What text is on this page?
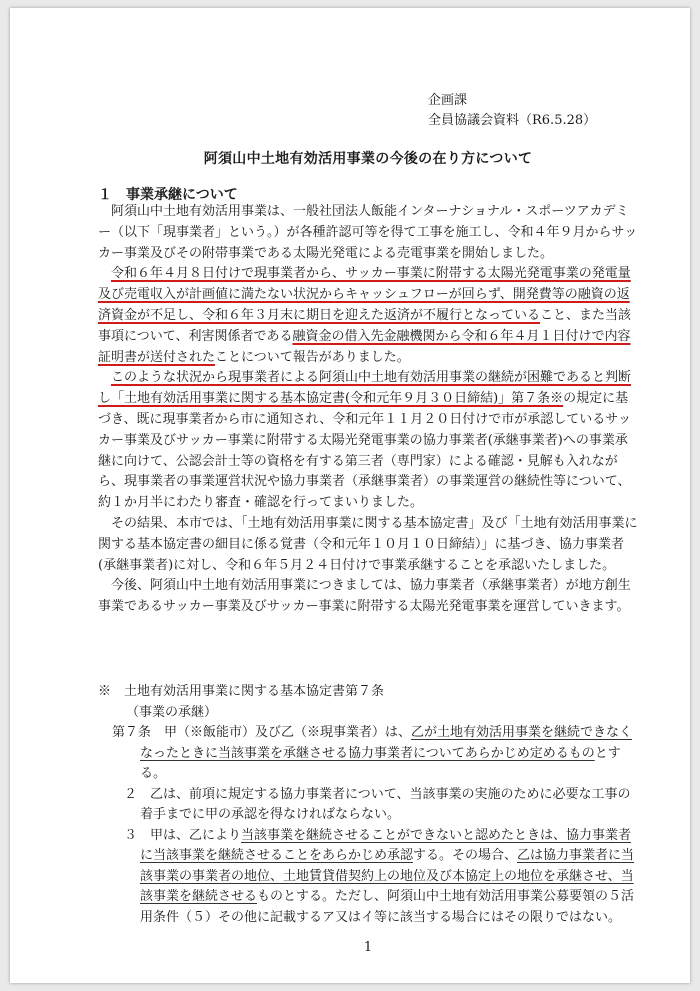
企画課
全員協議会資料（R6.5.28）
阿須山中土地有効活用事業の今後の在り方について
１　事業承継について

阿須山中土地有効活用事業は、一般社団法人飯能インターナショナル・スポーツアカデミー（以下「現事業者」という。）が各種許認可等を得て工事を施工し、令和４年９月からサッカー事業及びその附帯事業である太陽光発電による売電事業を開始しました。

令和６年４月８日付けで現事業者から、サッカー事業に附帯する太陽光発電事業の発電量及び売電収入が計画値に満たない状況からキャッシュフローが回らず、開発費等の融資の返済資金が不足し、令和６年３月末に期日を迎えた返済が不履行となっていること、また当該事項について、利害関係者である融資金の借入先金融機関から令和６年４月１日付けで内容証明書が送付されたことについて報告がありました。

このような状況から現事業者による阿須山中土地有効活用事業の継続が困難であると判断し「土地有効活用事業に関する基本協定書(令和元年９月３０日締結)」第７条※の規定に基づき、既に現事業者から市に通知され、令和元年１１月２０日付けで市が承認しているサッカー事業及びサッカー事業に附帯する太陽光発電事業の協力事業者(承継事業者)への事業承継に向けて、公認会計士等の資格を有する第三者（専門家）による確認・見解も入れながら、現事業者の事業運営状況や協力事業者（承継事業者）の事業運営の継続性等について、約１か月半にわたり審査・確認を行ってまいりました。

その結果、本市では、「土地有効活用事業に関する基本協定書」及び「土地有効活用事業に関する基本協定書の細目に係る覚書（令和元年１０月１０日締結）」に基づき、協力事業者(承継事業者)に対し、令和６年５月２４日付けで事業承継することを承認いたしました。

今後、阿須山中土地有効活用事業につきましては、協力事業者（承継事業者）が地方創生事業であるサッカー事業及びサッカー事業に附帯する太陽光発電事業を運営していきます。

※　土地有効活用事業に関する基本協定書第７条

（事業の承継）

第７条　甲（※飯能市）及び乙（※現事業者）は、乙が土地有効活用事業を継続できなくなったときに当該事業を承継させる協力事業者についてあらかじめ定めるものとする。

２　乙は、前項に規定する協力事業者について、当該事業の実施のために必要な工事の着手までに甲の承認を得なければならない。

３　甲は、乙により当該事業を継続させることができないと認めたときは、協力事業者に当該事業を継続させることをあらかじめ承認する。その場合、乙は協力事業者に当該事業の事業者の地位、土地賃貸借契約上の地位及び本協定上の地位を承継させ、当該事業を継続させるものとする。ただし、阿須山中土地有効活用事業公募要領の５活用条件（５）その他に記載するア又はイ等に該当する場合にはその限りではない。

1
